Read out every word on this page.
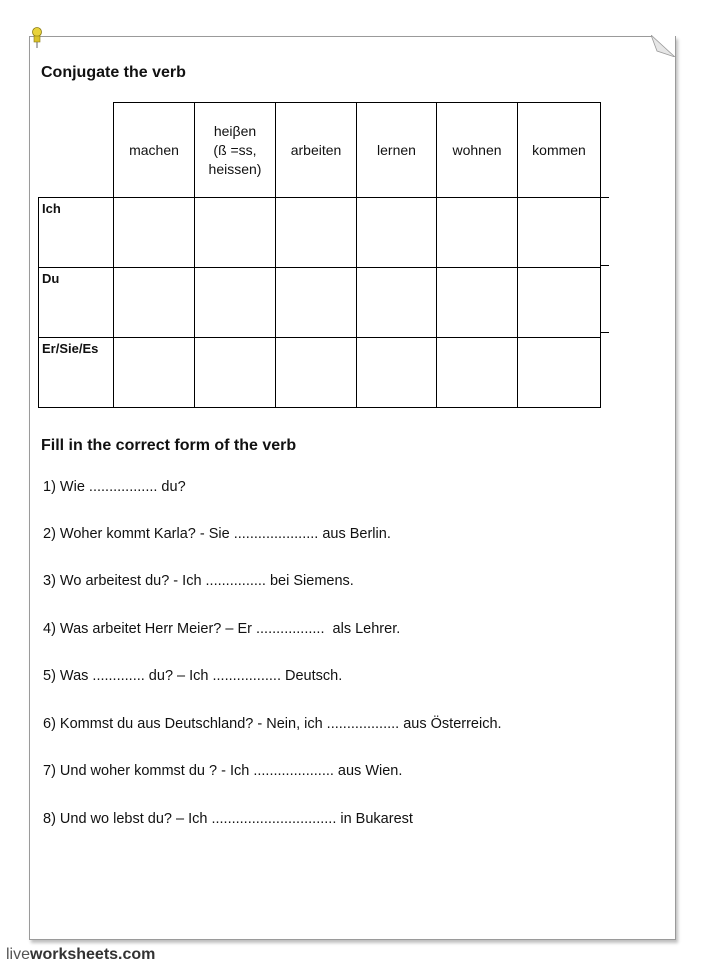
Conjugate the verb
	machen	heiβen
(ß =ss,
heissen)	arbeiten	lernen	wohnen	kommen
Ich						
Du						
Er/Sie/Es						
Fill in the correct form of the verb
1) Wie ................. du?
2) Woher kommt Karla? - Sie ..................... aus Berlin.
3) Wo arbeitest du? - Ich ............... bei Siemens.
4) Was arbeitet Herr Meier? – Er .................  als Lehrer.
5) Was ............. du? – Ich ................. Deutsch.
6) Kommst du aus Deutschland? - Nein, ich .................. aus Österreich.
7) Und woher kommst du ? - Ich .................... aus Wien.
8) Und wo lebst du? – Ich ............................... in Bukarest
liveworksheets.com
